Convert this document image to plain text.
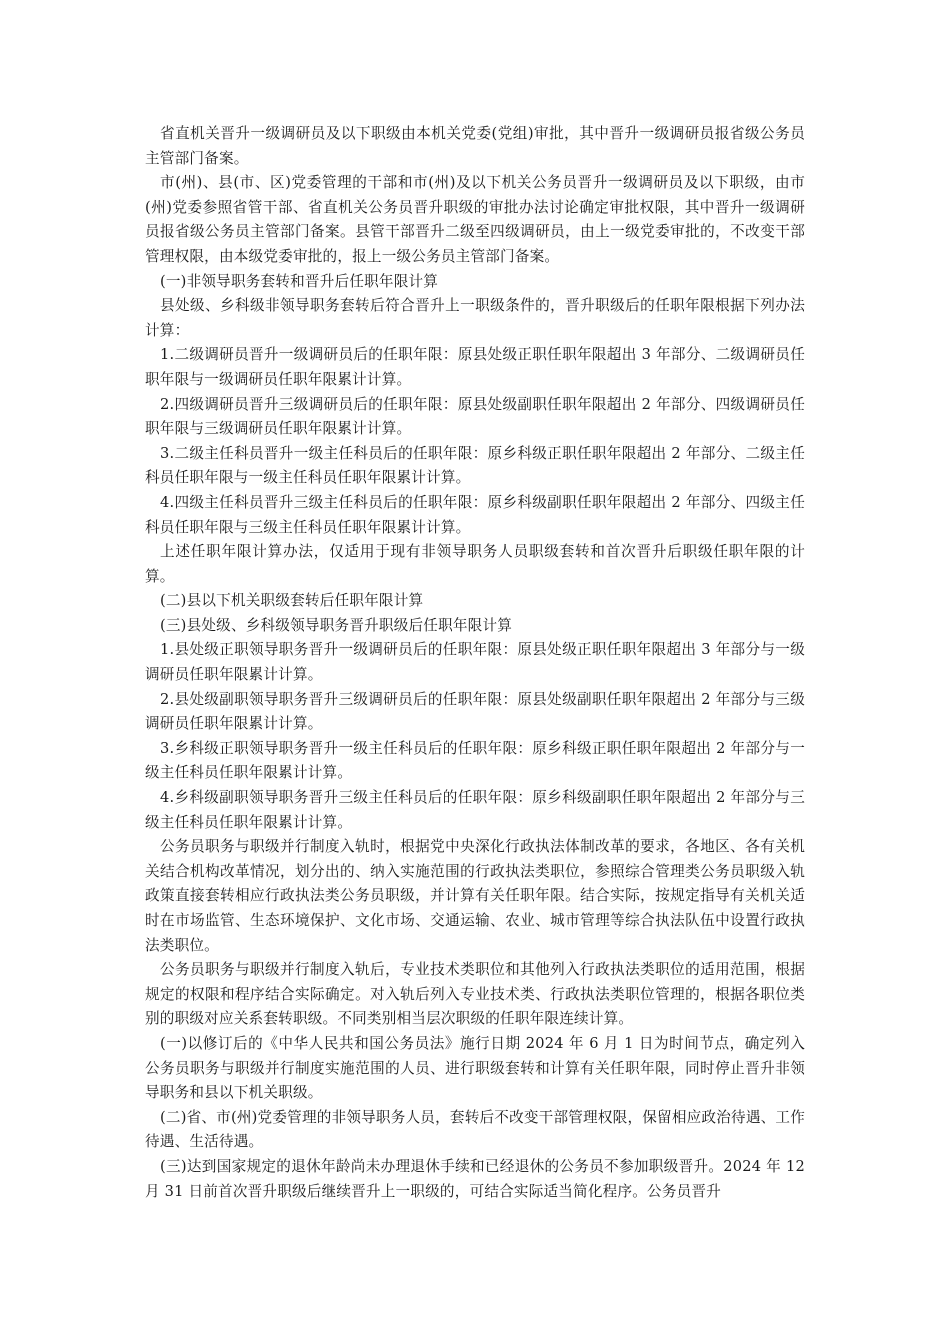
省直机关晋升一级调研员及以下职级由本机关党委(党组)审批，其中晋升一级调研员报省级公务员主管部门备案。

市(州)、县(市、区)党委管理的干部和市(州)及以下机关公务员晋升一级调研员及以下职级，由市(州)党委参照省管干部、省直机关公务员晋升职级的审批办法讨论确定审批权限，其中晋升一级调研员报省级公务员主管部门备案。县管干部晋升二级至四级调研员，由上一级党委审批的，不改变干部管理权限，由本级党委审批的，报上一级公务员主管部门备案。

(一)非领导职务套转和晋升后任职年限计算

县处级、乡科级非领导职务套转后符合晋升上一职级条件的，晋升职级后的任职年限根据下列办法计算：

1.二级调研员晋升一级调研员后的任职年限：原县处级正职任职年限超出 3 年部分、二级调研员任职年限与一级调研员任职年限累计计算。

2.四级调研员晋升三级调研员后的任职年限：原县处级副职任职年限超出 2 年部分、四级调研员任职年限与三级调研员任职年限累计计算。

3.二级主任科员晋升一级主任科员后的任职年限：原乡科级正职任职年限超出 2 年部分、二级主任科员任职年限与一级主任科员任职年限累计计算。

4.四级主任科员晋升三级主任科员后的任职年限：原乡科级副职任职年限超出 2 年部分、四级主任科员任职年限与三级主任科员任职年限累计计算。

上述任职年限计算办法，仅适用于现有非领导职务人员职级套转和首次晋升后职级任职年限的计算。

(二)县以下机关职级套转后任职年限计算

(三)县处级、乡科级领导职务晋升职级后任职年限计算

1.县处级正职领导职务晋升一级调研员后的任职年限：原县处级正职任职年限超出 3 年部分与一级调研员任职年限累计计算。

2.县处级副职领导职务晋升三级调研员后的任职年限：原县处级副职任职年限超出 2 年部分与三级调研员任职年限累计计算。

3.乡科级正职领导职务晋升一级主任科员后的任职年限：原乡科级正职任职年限超出 2 年部分与一级主任科员任职年限累计计算。

4.乡科级副职领导职务晋升三级主任科员后的任职年限：原乡科级副职任职年限超出 2 年部分与三级主任科员任职年限累计计算。

公务员职务与职级并行制度入轨时，根据党中央深化行政执法体制改革的要求，各地区、各有关机关结合机构改革情况，划分出的、纳入实施范围的行政执法类职位，参照综合管理类公务员职级入轨政策直接套转相应行政执法类公务员职级，并计算有关任职年限。结合实际，按规定指导有关机关适时在市场监管、生态环境保护、文化市场、交通运输、农业、城市管理等综合执法队伍中设置行政执法类职位。

公务员职务与职级并行制度入轨后，专业技术类职位和其他列入行政执法类职位的适用范围，根据规定的权限和程序结合实际确定。对入轨后列入专业技术类、行政执法类职位管理的，根据各职位类别的职级对应关系套转职级。不同类别相当层次职级的任职年限连续计算。

(一)以修订后的《中华人民共和国公务员法》施行日期 2024 年 6 月 1 日为时间节点，确定列入公务员职务与职级并行制度实施范围的人员、进行职级套转和计算有关任职年限，同时停止晋升非领导职务和县以下机关职级。

(二)省、市(州)党委管理的非领导职务人员，套转后不改变干部管理权限，保留相应政治待遇、工作待遇、生活待遇。

(三)达到国家规定的退休年龄尚未办理退休手续和已经退休的公务员不参加职级晋升。2024 年 12 月 31 日前首次晋升职级后继续晋升上一职级的，可结合实际适当简化程序。公务员晋升
